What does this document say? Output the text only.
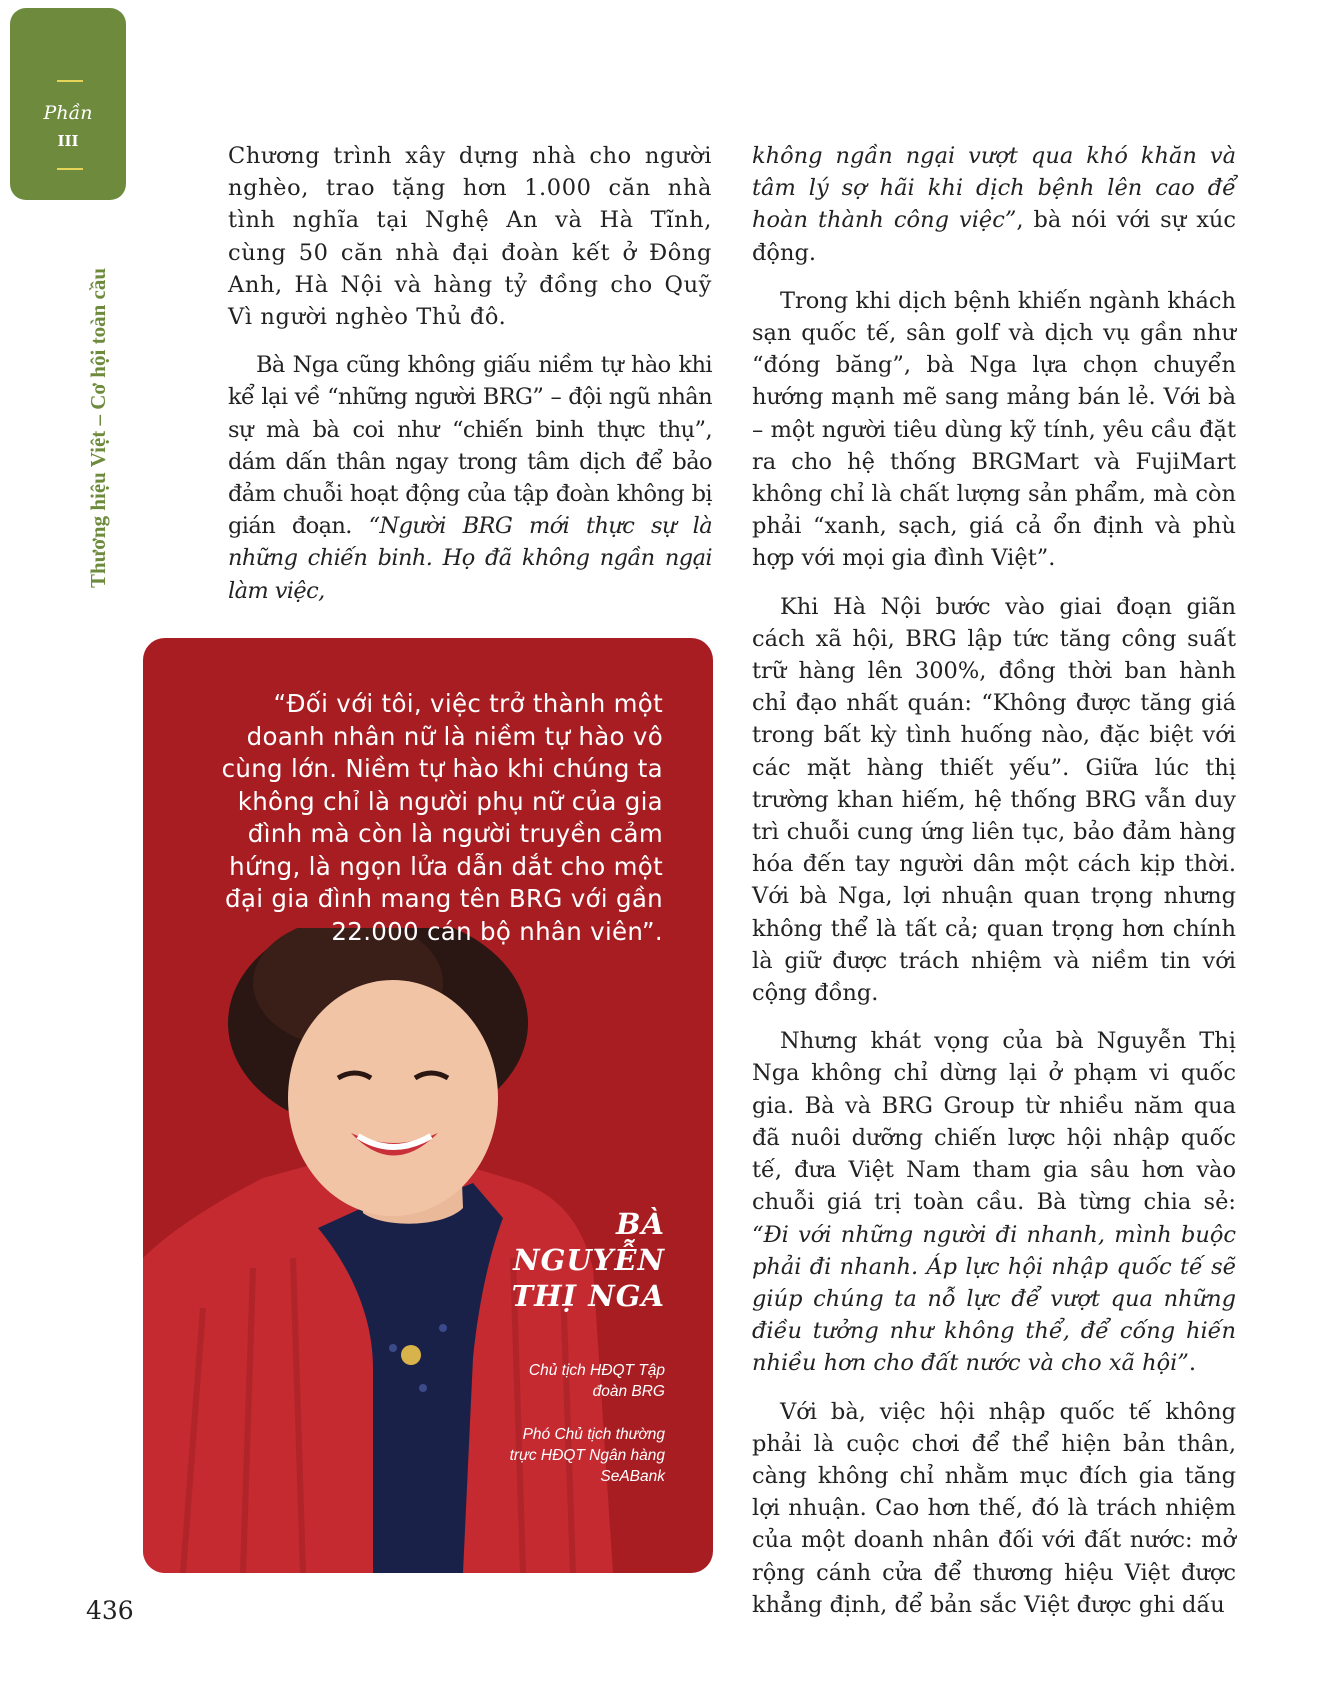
Phần
III
Thương hiệu Việt – Cơ hội toàn cầu

Chương trình xây dựng nhà cho người nghèo, trao tặng hơn 1.000 căn nhà tình nghĩa tại Nghệ An và Hà Tĩnh, cùng 50 căn nhà đại đoàn kết ở Đông Anh, Hà Nội và hàng tỷ đồng cho Quỹ Vì người nghèo Thủ đô.

Bà Nga cũng không giấu niềm tự hào khi kể lại về “những người BRG” – đội ngũ nhân sự mà bà coi như “chiến binh thực thụ”, dám dấn thân ngay trong tâm dịch để bảo đảm chuỗi hoạt động của tập đoàn không bị gián đoạn. “Người BRG mới thực sự là những chiến binh. Họ đã không ngần ngại làm việc,

“Đối với tôi, việc trở thành một doanh nhân nữ là niềm tự hào vô cùng lớn. Niềm tự hào khi chúng ta không chỉ là người phụ nữ của gia đình mà còn là người truyền cảm hứng, là ngọn lửa dẫn dắt cho một đại gia đình mang tên BRG với gần 22.000 cán bộ nhân viên”.
BÀ NGUYỄN THỊ NGA
Chủ tịch HĐQT Tập đoàn BRG
Phó Chủ tịch thường trực HĐQT Ngân hàng SeABank

không ngần ngại vượt qua khó khăn và tâm lý sợ hãi khi dịch bệnh lên cao để hoàn thành công việc”, bà nói với sự xúc động.

Trong khi dịch bệnh khiến ngành khách sạn quốc tế, sân golf và dịch vụ gần như “đóng băng”, bà Nga lựa chọn chuyển hướng mạnh mẽ sang mảng bán lẻ. Với bà – một người tiêu dùng kỹ tính, yêu cầu đặt ra cho hệ thống BRGMart và FujiMart không chỉ là chất lượng sản phẩm, mà còn phải “xanh, sạch, giá cả ổn định và phù hợp với mọi gia đình Việt”.

Khi Hà Nội bước vào giai đoạn giãn cách xã hội, BRG lập tức tăng công suất trữ hàng lên 300%, đồng thời ban hành chỉ đạo nhất quán: “Không được tăng giá trong bất kỳ tình huống nào, đặc biệt với các mặt hàng thiết yếu”. Giữa lúc thị trường khan hiếm, hệ thống BRG vẫn duy trì chuỗi cung ứng liên tục, bảo đảm hàng hóa đến tay người dân một cách kịp thời. Với bà Nga, lợi nhuận quan trọng nhưng không thể là tất cả; quan trọng hơn chính là giữ được trách nhiệm và niềm tin với cộng đồng.

Nhưng khát vọng của bà Nguyễn Thị Nga không chỉ dừng lại ở phạm vi quốc gia. Bà và BRG Group từ nhiều năm qua đã nuôi dưỡng chiến lược hội nhập quốc tế, đưa Việt Nam tham gia sâu hơn vào chuỗi giá trị toàn cầu. Bà từng chia sẻ: “Đi với những người đi nhanh, mình buộc phải đi nhanh. Áp lực hội nhập quốc tế sẽ giúp chúng ta nỗ lực để vượt qua những điều tưởng như không thể, để cống hiến nhiều hơn cho đất nước và cho xã hội”.

Với bà, việc hội nhập quốc tế không phải là cuộc chơi để thể hiện bản thân, càng không chỉ nhằm mục đích gia tăng lợi nhuận. Cao hơn thế, đó là trách nhiệm của một doanh nhân đối với đất nước: mở rộng cánh cửa để thương hiệu Việt được khẳng định, để bản sắc Việt được ghi dấu

436
